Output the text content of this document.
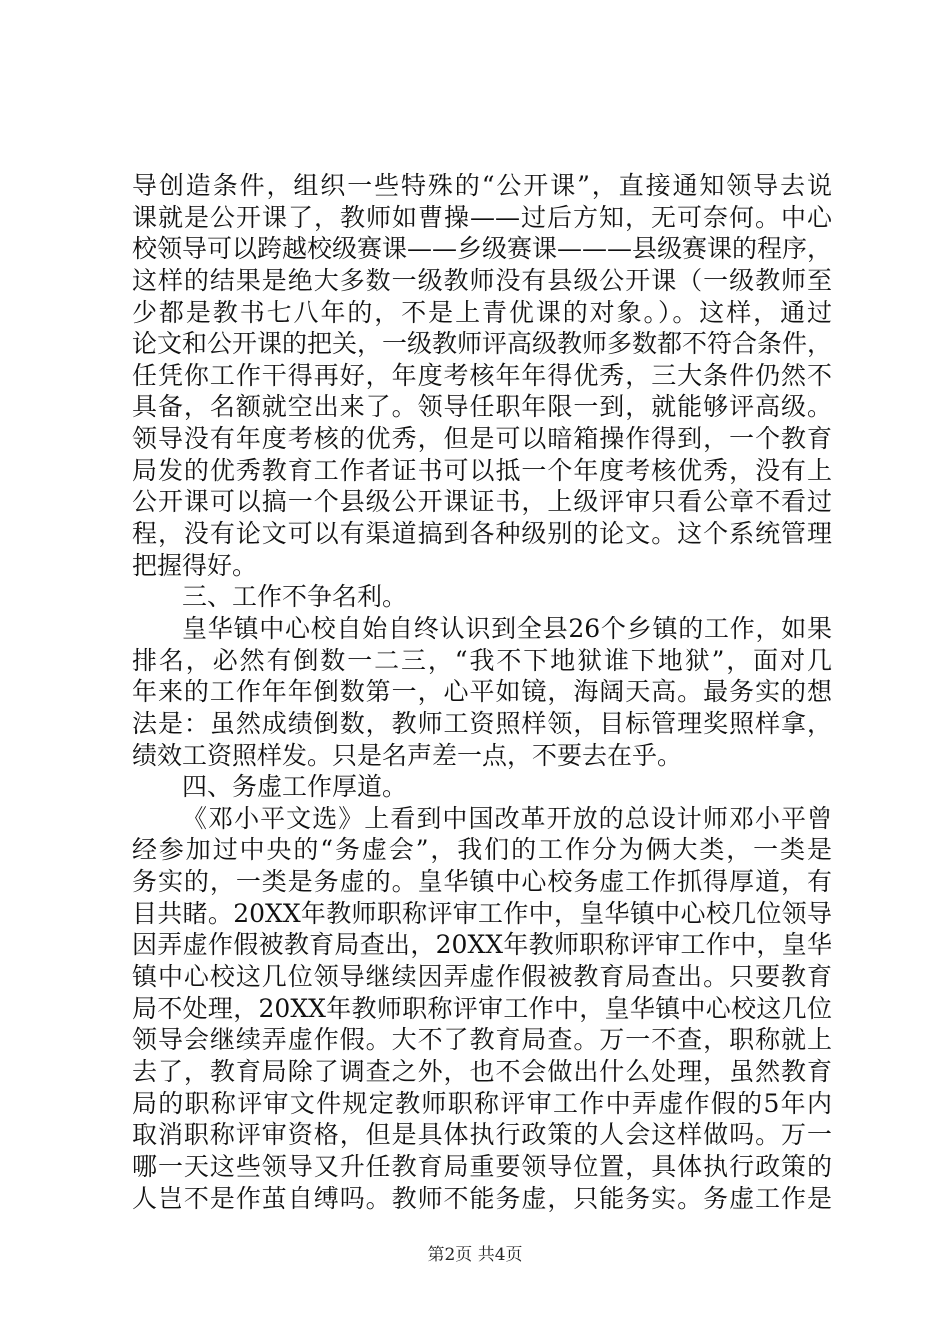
导创造条件，组织一些特殊的“公开课”，直接通知领导去说
课就是公开课了，教师如曹操——过后方知，无可奈何。中心
校领导可以跨越校级赛课——乡级赛课———县级赛课的程序，
这样的结果是绝大多数一级教师没有县级公开课（一级教师至
少都是教书七八年的，不是上青优课的对象。）。这样，通过
论文和公开课的把关，一级教师评高级教师多数都不符合条件，
任凭你工作干得再好，年度考核年年得优秀，三大条件仍然不
具备，名额就空出来了。领导任职年限一到，就能够评高级。
领导没有年度考核的优秀，但是可以暗箱操作得到，一个教育
局发的优秀教育工作者证书可以抵一个年度考核优秀，没有上
公开课可以搞一个县级公开课证书，上级评审只看公章不看过
程，没有论文可以有渠道搞到各种级别的论文。这个系统管理
把握得好。
三、工作不争名利。
皇华镇中心校自始自终认识到全县26个乡镇的工作，如果
排名，必然有倒数一二三，“我不下地狱谁下地狱”，面对几
年来的工作年年倒数第一，心平如镜，海阔天高。最务实的想
法是：虽然成绩倒数，教师工资照样领，目标管理奖照样拿，
绩效工资照样发。只是名声差一点，不要去在乎。
四、务虚工作厚道。
《邓小平文选》上看到中国改革开放的总设计师邓小平曾
经参加过中央的“务虚会”，我们的工作分为俩大类，一类是
务实的，一类是务虚的。皇华镇中心校务虚工作抓得厚道，有
目共睹。20XX年教师职称评审工作中，皇华镇中心校几位领导
因弄虚作假被教育局查出，20XX年教师职称评审工作中，皇华
镇中心校这几位领导继续因弄虚作假被教育局查出。只要教育
局不处理，20XX年教师职称评审工作中，皇华镇中心校这几位
领导会继续弄虚作假。大不了教育局查。万一不查，职称就上
去了，教育局除了调查之外，也不会做出什么处理，虽然教育
局的职称评审文件规定教师职称评审工作中弄虚作假的5年内
取消职称评审资格，但是具体执行政策的人会这样做吗。万一
哪一天这些领导又升任教育局重要领导位置，具体执行政策的
人岂不是作茧自缚吗。教师不能务虚，只能务实。务虚工作是
第2页 共4页
